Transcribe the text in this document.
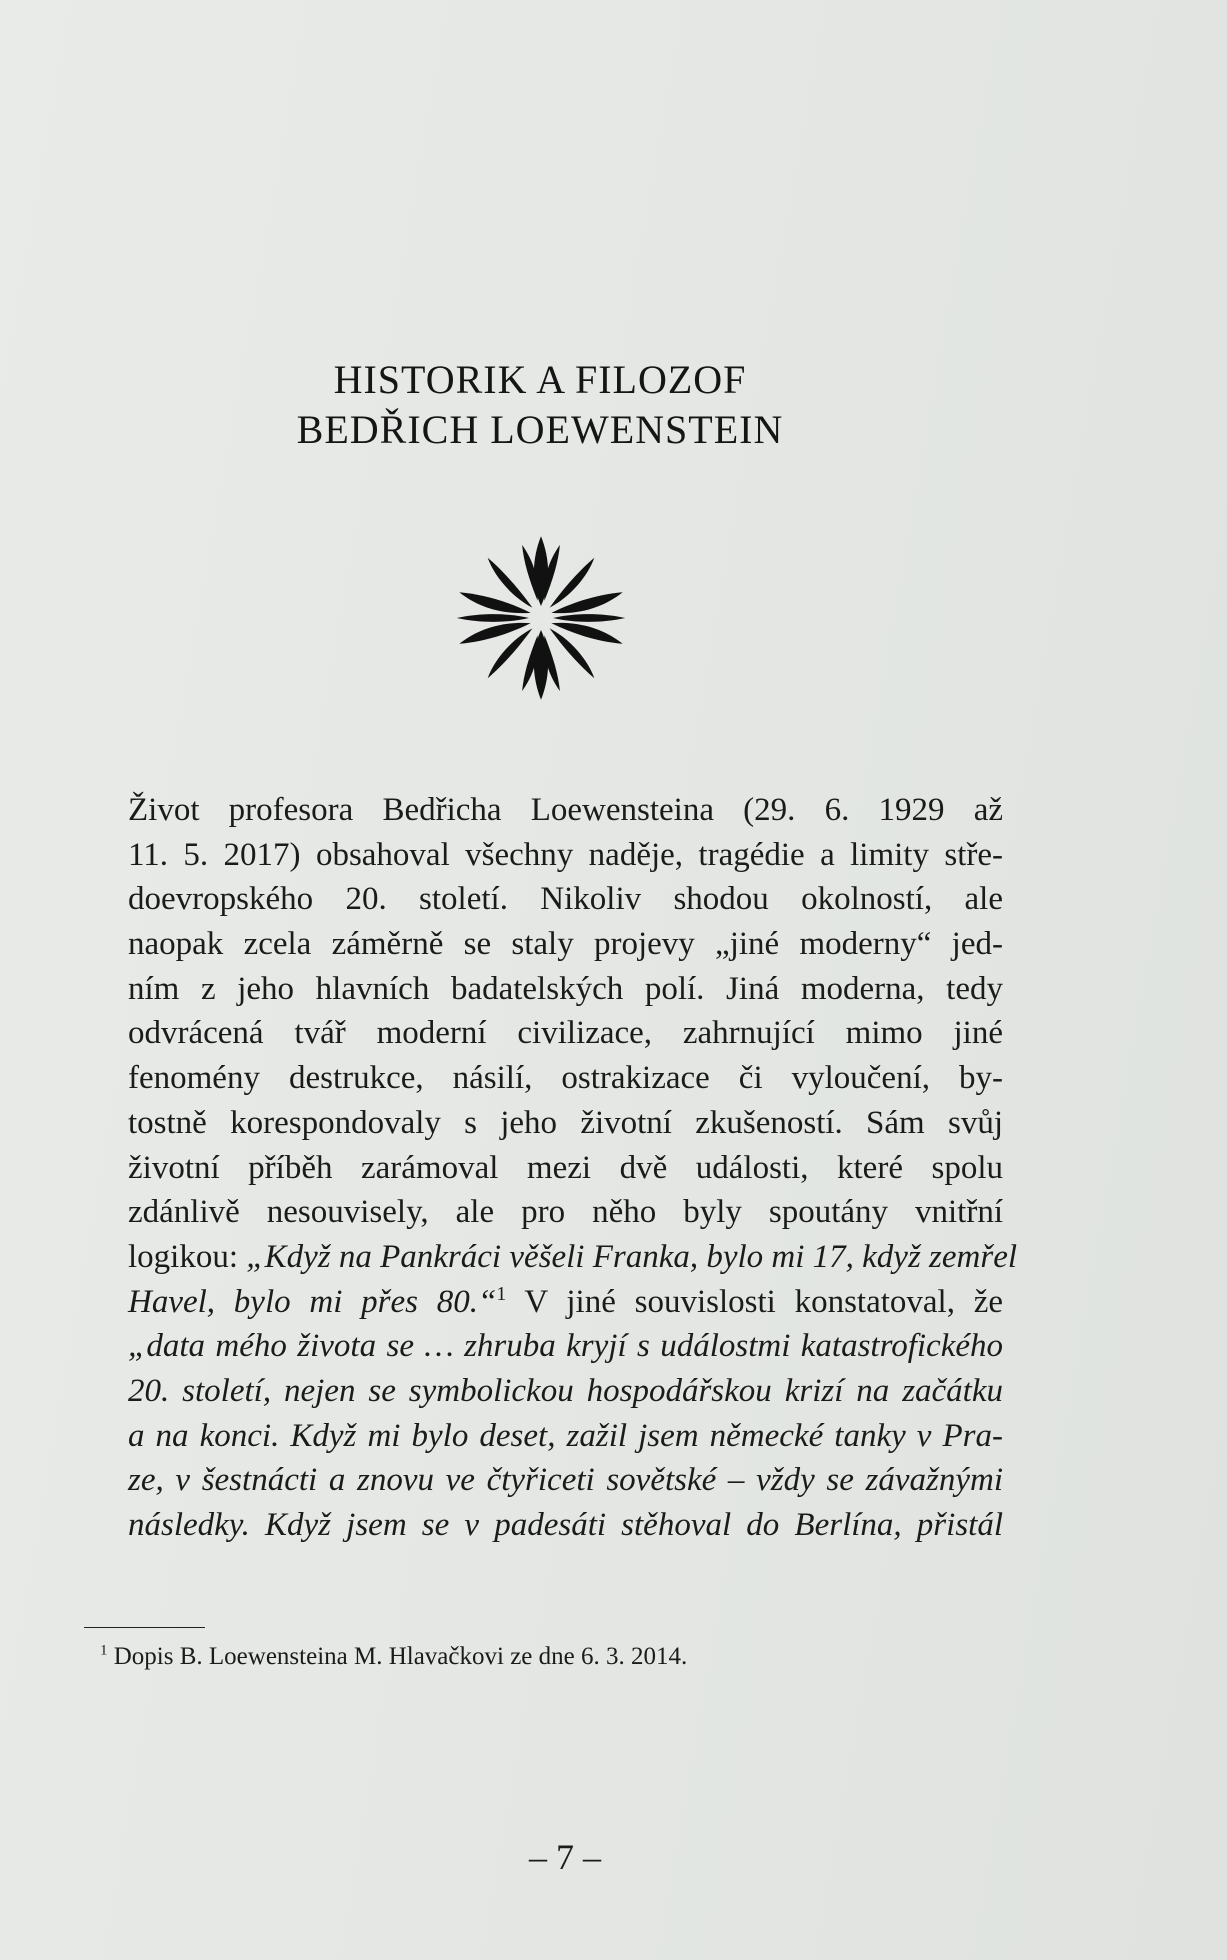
HISTORIK A FILOZOF
BEDŘICH LOEWENSTEIN
Život profesora Bedřicha Loewensteina (29. 6. 1929 až
11. 5. 2017) obsahoval všechny naděje, tragédie a limity stře-
doevropského 20. století. Nikoliv shodou okolností, ale
naopak zcela záměrně se staly projevy „jiné moderny“ jed-
ním z jeho hlavních badatelských polí. Jiná moderna, tedy
odvrácená tvář moderní civilizace, zahrnující mimo jiné
fenomény destrukce, násilí, ostrakizace či vyloučení, by-
tostně korespondovaly s jeho životní zkušeností. Sám svůj
životní příběh zarámoval mezi dvě události, které spolu
zdánlivě nesouvisely, ale pro něho byly spoutány vnitřní
logikou: „Když na Pankráci věšeli Franka, bylo mi 17, když zemřel
Havel, bylo mi přes 80.“$^1$ V jiné souvislosti konstatoval, že
„data mého života se … zhruba kryjí s událostmi katastrofického
20. století, nejen se symbolickou hospodářskou krizí na začátku
a na konci. Když mi bylo deset, zažil jsem německé tanky v Pra-
ze, v šestnácti a znovu ve čtyřiceti sovětské – vždy se závažnými
následky. Když jsem se v padesáti stěhoval do Berlína, přistál
$^1$ Dopis B. Loewensteina M. Hlavačkovi ze dne 6. 3. 2014.
– 7 –
